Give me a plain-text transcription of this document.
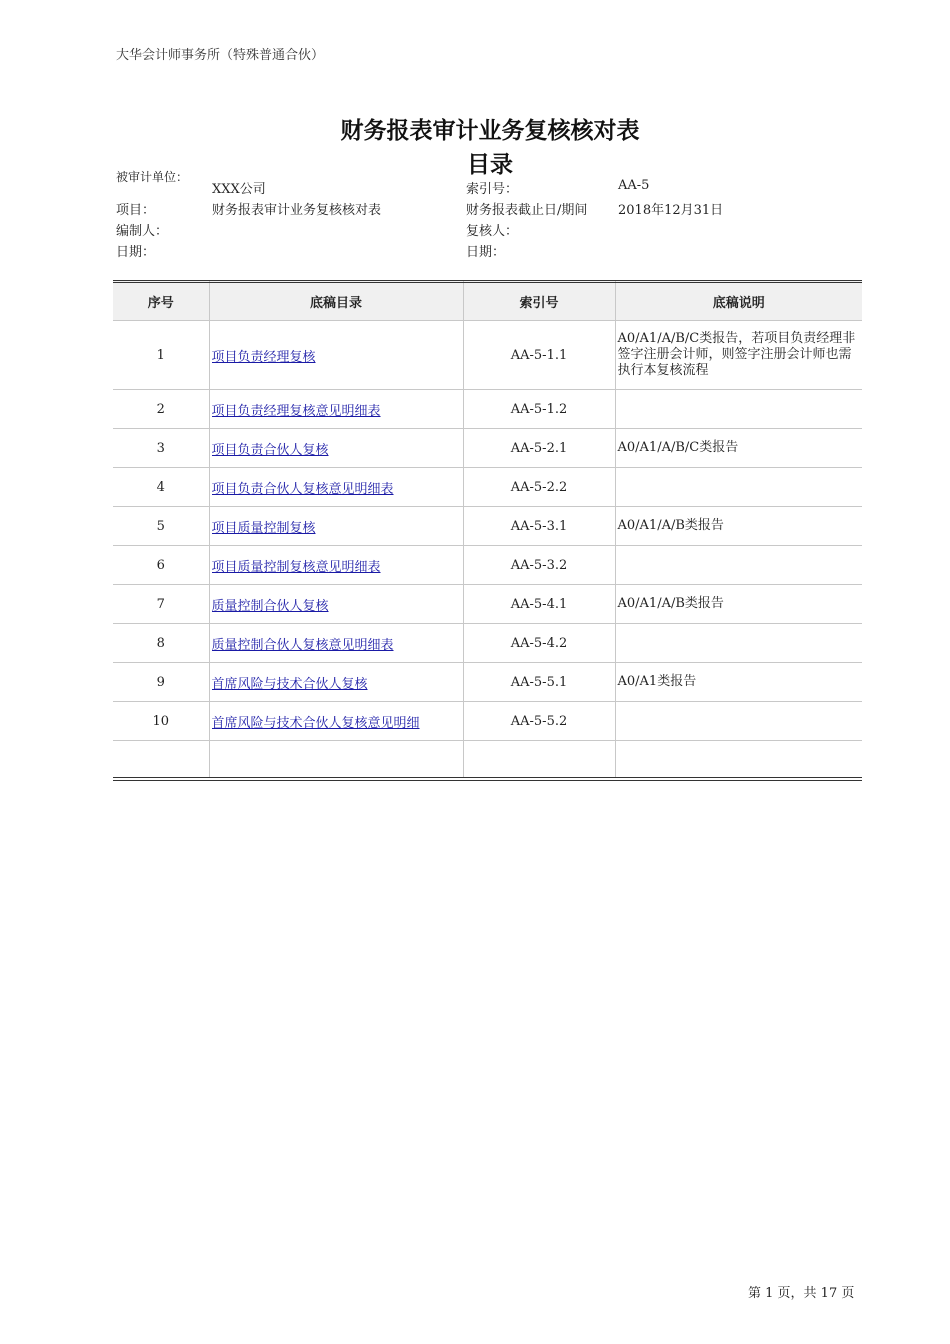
大华会计师事务所（特殊普通合伙）
财务报表审计业务复核核对表
目录
被审计单位：
XXX公司
项目：	财务报表审计业务复核核对表
编制人：
日期：
索引号：	AA-5
财务报表截止日/期间 2018年12月31日
复核人：
日期：
序号	底稿目录	索引号	底稿说明
1	项目负责经理复核	AA-5-1.1	A0/A1/A/B/C类报告，若项目负责经理非签字注册会计师，则签字注册会计师也需执行本复核流程
2	项目负责经理复核意见明细表	AA-5-1.2	
3	项目负责合伙人复核	AA-5-2.1	A0/A1/A/B/C类报告
4	项目负责合伙人复核意见明细表	AA-5-2.2	
5	项目质量控制复核	AA-5-3.1	A0/A1/A/B类报告
6	项目质量控制复核意见明细表	AA-5-3.2	
7	质量控制合伙人复核	AA-5-4.1	A0/A1/A/B类报告
8	质量控制合伙人复核意见明细表	AA-5-4.2	
9	首席风险与技术合伙人复核	AA-5-5.1	A0/A1类报告
10	首席风险与技术合伙人复核意见明细	AA-5-5.2	

第 1 页，共 17 页
